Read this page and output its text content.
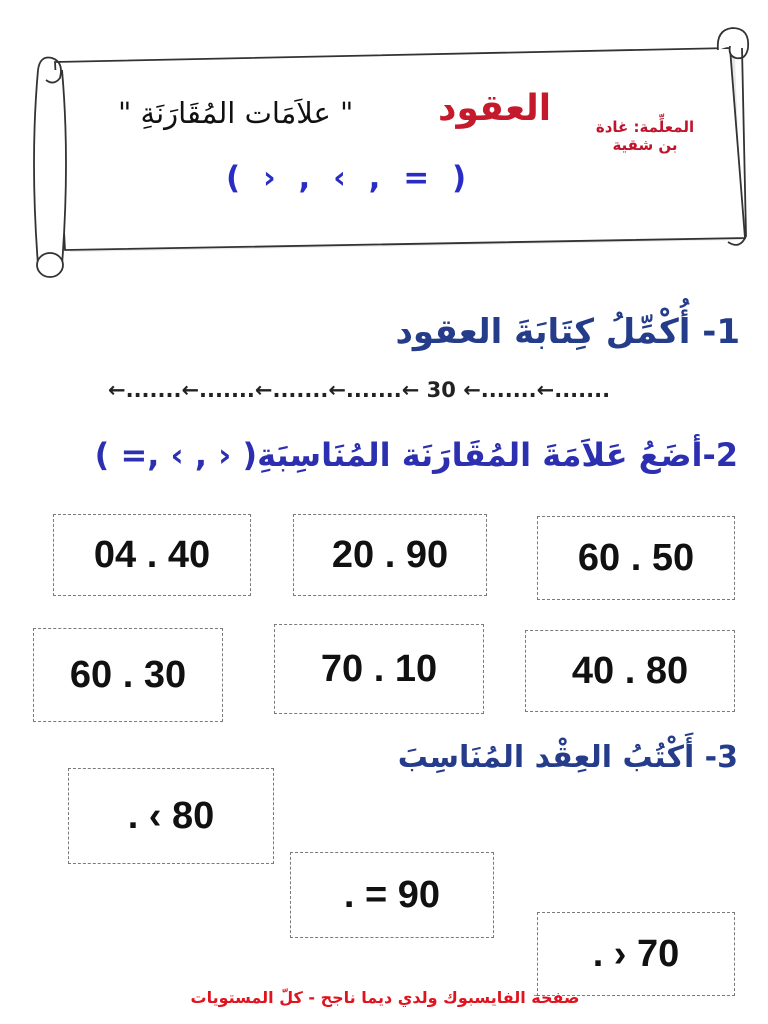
المعلِّمة: غادة
بن شقية
العقود
" علاَمَات المُقَارَنَةِ "
( › , ‹ , = )
1- أُكْمِّلُ كِتَابَةَ العقود
←.......←.......←.......←.......← 30 ←.......←.......
2-أضَعُ عَلاَمَةَ المُقَارَنَة المُنَاسِبَةِ( ‹ , › ,= )
60 . 50
20 . 90
04 . 40
40 . 80
70 . 10
60 . 30
3- أَكْتُبُ العِقْد المُنَاسِبَ
. ‹ 80
. = 90
. › 70
صفحة الفايسبوك ولدي ديما ناجح - كلّ المستويات
